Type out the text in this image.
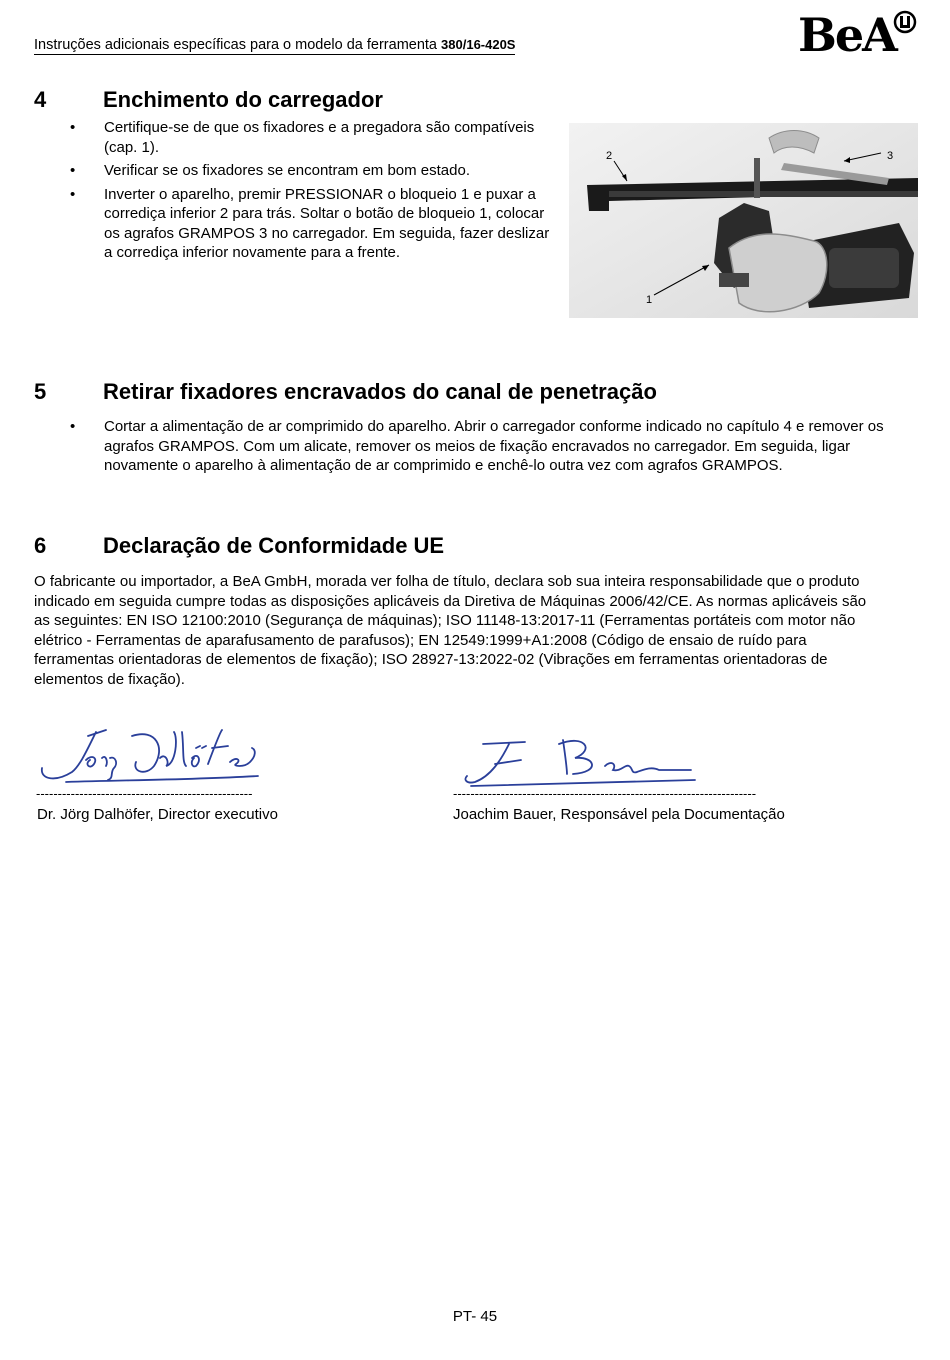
Instruções adicionais específicas para o modelo da ferramenta 380/16-420S	BeA
4	Enchimento do carregador
• Certifique-se de que os fixadores e a pregadora são compatíveis (cap. 1).
• Verificar se os fixadores se encontram em bom estado.
• Inverter o aparelho, premir PRESSIONAR o bloqueio 1 e puxar a corrediça inferior 2 para trás. Soltar o botão de bloqueio 1, colocar os agrafos GRAMPOS 3 no carregador. Em seguida, fazer deslizar a corrediça inferior novamente para a frente.
2	3
1
5	Retirar fixadores encravados do canal de penetração
• Cortar a alimentação de ar comprimido do aparelho. Abrir o carregador conforme indicado no capítulo 4 e remover os agrafos GRAMPOS. Com um alicate, remover os meios de fixação encravados no carregador. Em seguida, ligar novamente o aparelho à alimentação de ar comprimido e enchê-lo outra vez com agrafos GRAMPOS.
6	Declaração de Conformidade UE

O fabricante ou importador, a BeA GmbH, morada ver folha de título, declara sob sua inteira responsabilidade que o produto indicado em seguida cumpre todas as disposições aplicáveis da Diretiva de Máquinas 2006/42/CE. As normas aplicáveis são as seguintes: EN ISO 12100:2010 (Segurança de máquinas); ISO 11148-13:2017-11 (Ferramentas portáteis com motor não elétrico - Ferramentas de aparafusamento de parafusos); EN 12549:1999+A1:2008 (Código de ensaio de ruído para ferramentas orientadoras de elementos de fixação); ISO 28927-13:2022-02 (Vibrações em ferramentas orientadoras de elementos de fixação).

--------------------------------------------------
Dr. Jörg Dalhöfer, Director executivo
----------------------------------------------------------------------
Joachim Bauer, Responsável pela Documentação
PT- 45
